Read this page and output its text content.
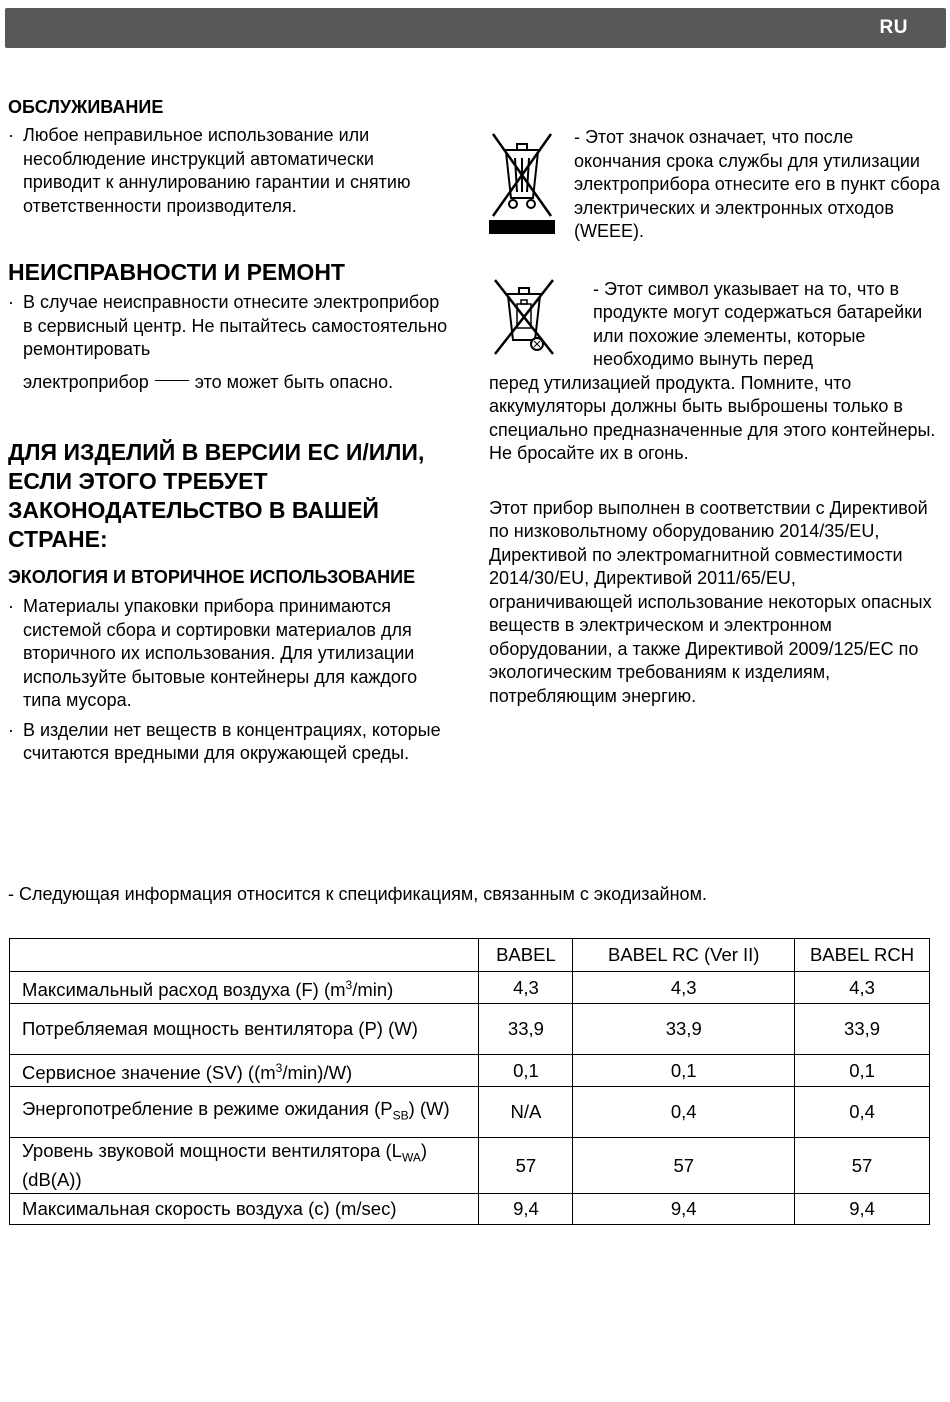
RU
ОБСЛУЖИВАНИЕ
· Любое неправильное использование или несоблюдение инструкций автоматически приводит к аннулированию гарантии и снятию ответственности производителя.
НЕИСПРАВНОСТИ И РЕМОНТ
· В случае неисправности отнесите электроприбор в сервисный центр. Не пытайтесь самостоятельно ремонтировать
электроприбор	это может быть опасно.
ДЛЯ ИЗДЕЛИЙ В ВЕРСИИ ЕС И/ИЛИ, ЕСЛИ ЭТОГО ТРЕБУЕТ ЗАКОНОДАТЕЛЬСТВО В ВАШЕЙ СТРАНЕ:
ЭКОЛОГИЯ И ВТОРИЧНОЕ ИСПОЛЬЗОВАНИЕ
· Материалы упаковки прибора принимаются системой сбора и сортировки материалов для вторичного их использования. Для утилизации используйте бытовые контейнеры для каждого типа мусора.
· В изделии нет веществ в концентрациях, которые считаются вредными для окружающей среды.
- Этот значок означает, что после окончания срока службы для утилизации электроприбора отнесите его в пункт сбора электрических и электронных отходов (WEEE).
- Этот символ указывает на то, что в продукте могут содержаться батарейки или похожие элементы, которые необходимо вынуть перед
перед утилизацией продукта. Помните, что аккумуляторы должны быть выброшены только в специально предназначенные для этого контейнеры. Не бросайте их в огонь.
Этот прибор выполнен в соответствии с Директивой по низковольтному оборудованию 2014/35/EU, Директивой по электромагнитной совместимости 2014/30/EU, Директивой 2011/65/EU, ограничивающей использование некоторых опасных веществ в электрическом и электронном оборудовании, а также Директивой 2009/125/EC по экологическим требованиям к изделиям, потребляющим энергию.
- Следующая информация относится к спецификациям, связанным с экодизайном.
	BABEL	BABEL RC (Ver II)	BABEL RCH
Максимальный расход воздуха (F) $(m^3/\min)$	4,3	4,3	4,3
Потребляемая мощность вентилятора (P) (W)	33,9	33,9	33,9
Сервисное значение (SV) $((m^3/\min)/W)$	0,1	0,1	0,1
Энергопотребление в режиме ожидания $(P_{SB})$ (W)	N/A	0,4	0,4
Уровень звуковой мощности вентилятора $(L_{WA})$ (dB(A))	57	57	57
Максимальная скорость воздуха (c) (m/sec)	9,4	9,4	9,4
